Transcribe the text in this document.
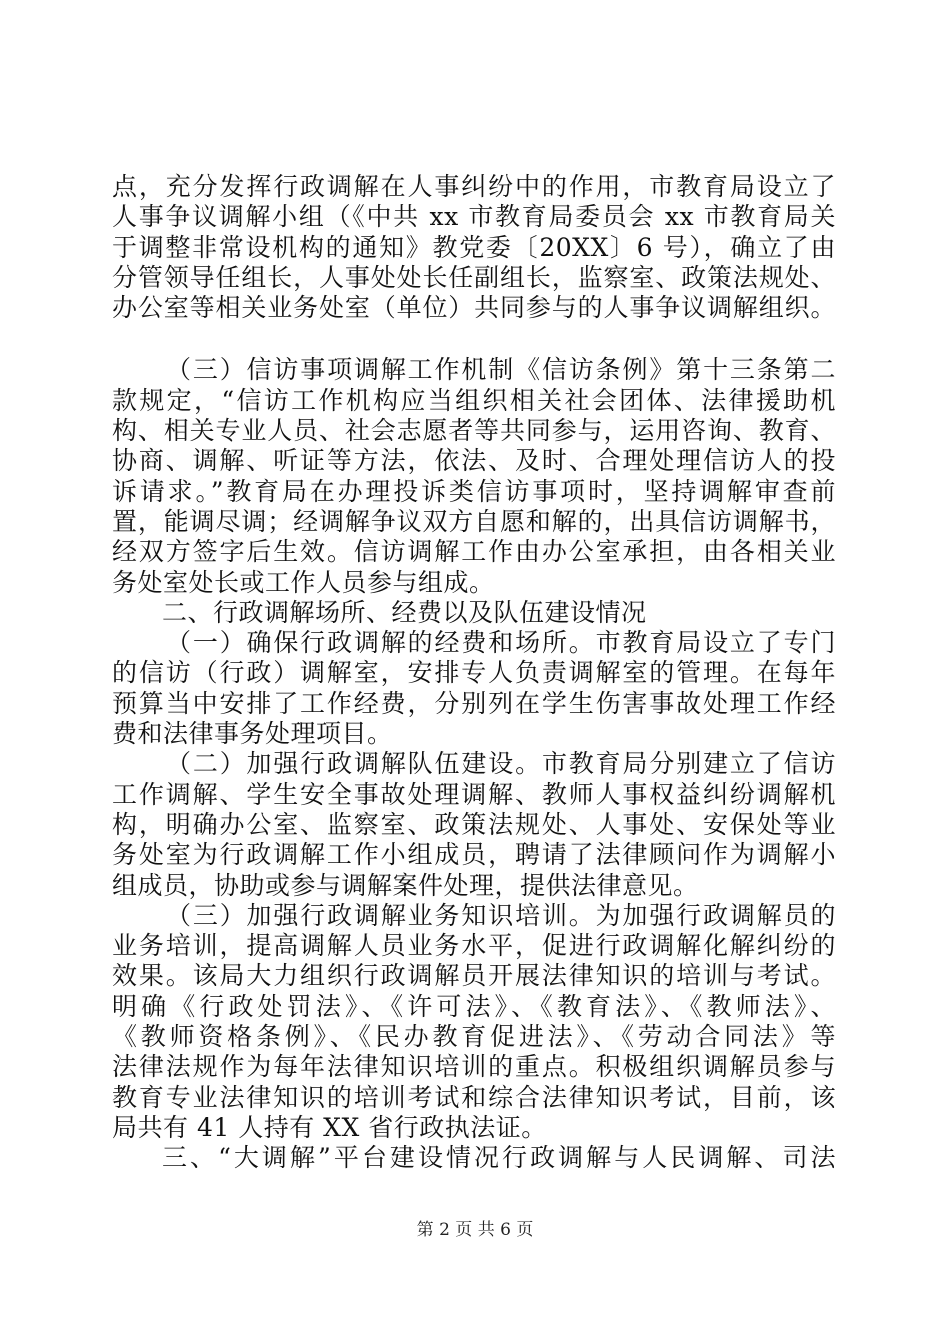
点，充分发挥行政调解在人事纠纷中的作用，市教育局设立了
人事争议调解小组（《中共 xx 市教育局委员会 xx 市教育局关
于调整非常设机构的通知》教党委〔20XX〕6 号），确立了由
分管领导任组长，人事处处长任副组长，监察室、政策法规处、
办公室等相关业务处室（单位）共同参与的人事争议调解组织。
（三）信访事项调解工作机制《信访条例》第十三条第二
款规定，“信访工作机构应当组织相关社会团体、法律援助机
构、相关专业人员、社会志愿者等共同参与，运用咨询、教育、
协商、调解、听证等方法，依法、及时、合理处理信访人的投
诉请求。”教育局在办理投诉类信访事项时，坚持调解审查前
置，能调尽调；经调解争议双方自愿和解的，出具信访调解书，
经双方签字后生效。信访调解工作由办公室承担，由各相关业
务处室处长或工作人员参与组成。
二、行政调解场所、经费以及队伍建设情况
（一）确保行政调解的经费和场所。市教育局设立了专门
的信访（行政）调解室，安排专人负责调解室的管理。在每年
预算当中安排了工作经费，分别列在学生伤害事故处理工作经
费和法律事务处理项目。
（二）加强行政调解队伍建设。市教育局分别建立了信访
工作调解、学生安全事故处理调解、教师人事权益纠纷调解机
构，明确办公室、监察室、政策法规处、人事处、安保处等业
务处室为行政调解工作小组成员，聘请了法律顾问作为调解小
组成员，协助或参与调解案件处理，提供法律意见。
（三）加强行政调解业务知识培训。为加强行政调解员的
业务培训，提高调解人员业务水平，促进行政调解化解纠纷的
效果。该局大力组织行政调解员开展法律知识的培训与考试。
明确《行政处罚法》、《许可法》、《教育法》、《教师法》、
《教师资格条例》、《民办教育促进法》、《劳动合同法》等
法律法规作为每年法律知识培训的重点。积极组织调解员参与
教育专业法律知识的培训考试和综合法律知识考试，目前，该
局共有 41 人持有 XX 省行政执法证。
三、“大调解”平台建设情况行政调解与人民调解、司法
第 2 页 共 6 页
